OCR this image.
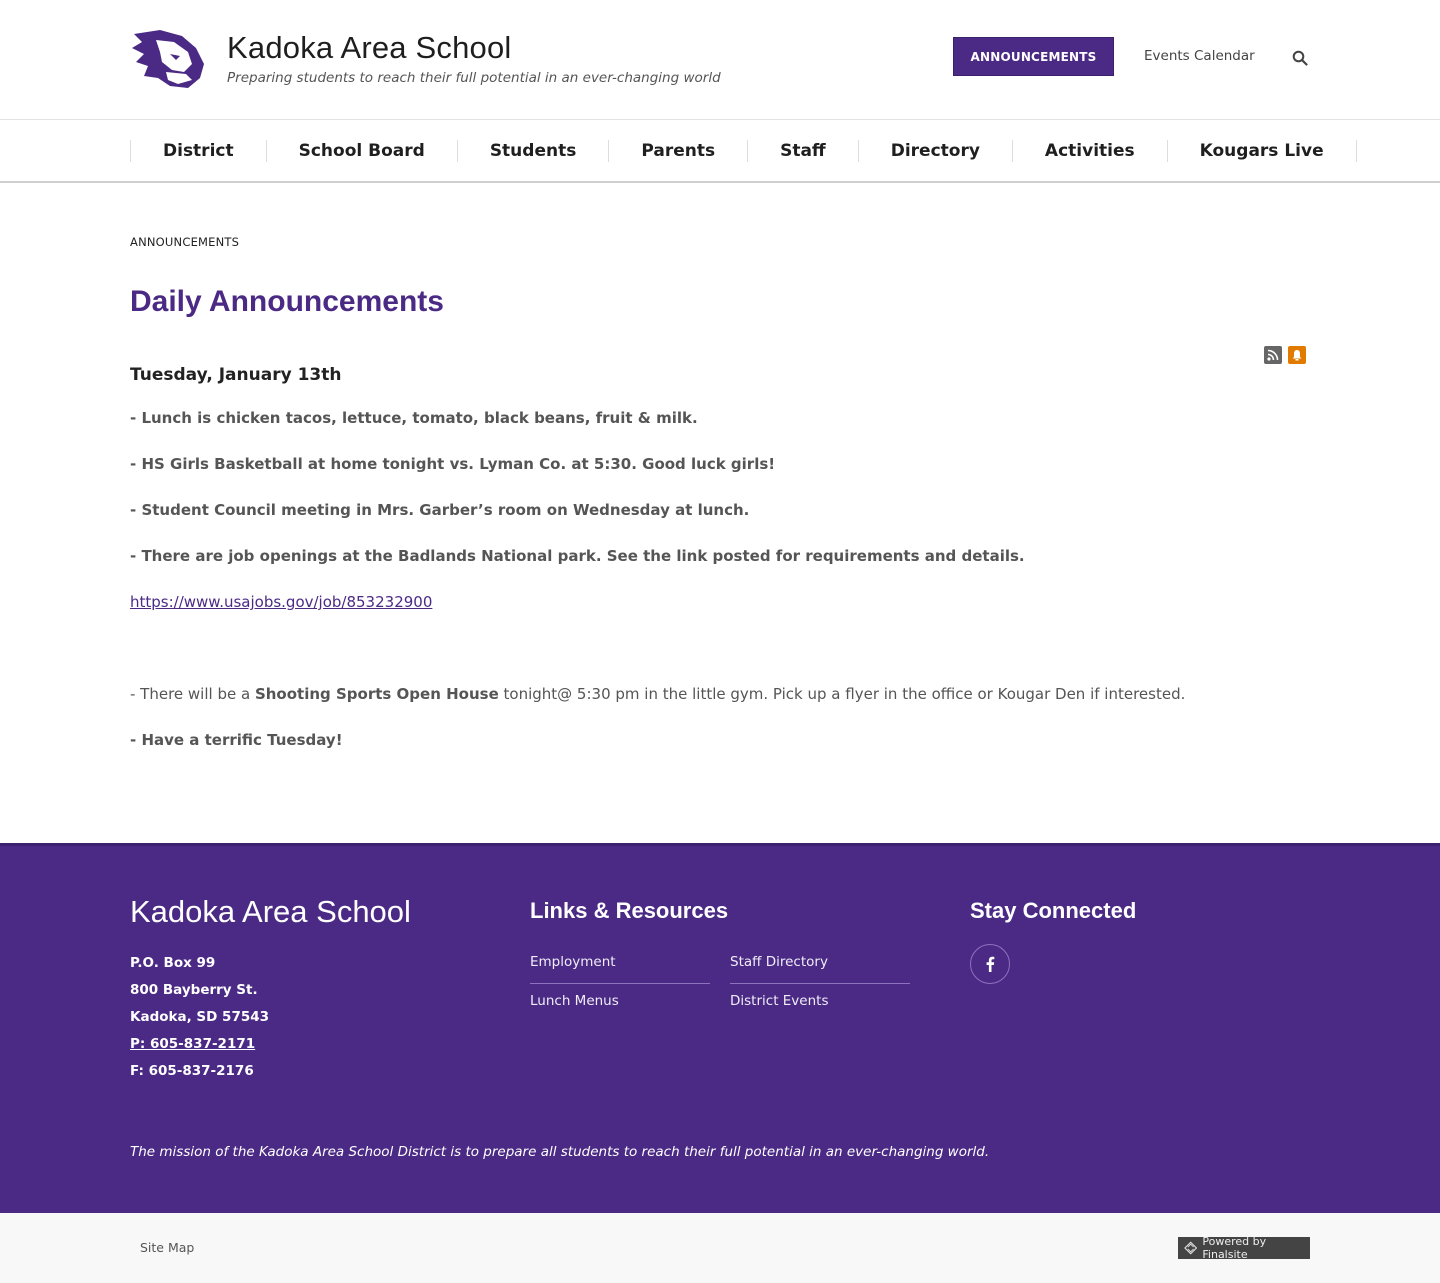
Kadoka Area School
Preparing students to reach their full potential in an ever-changing world
ANNOUNCEMENTS	Events Calendar
District	School Board	Students	Parents	Staff	Directory	Activities	Kougars Live
ANNOUNCEMENTS
Daily Announcements
Tuesday, January 13th
- Lunch is chicken tacos, lettuce, tomato, black beans, fruit & milk.
- HS Girls Basketball at home tonight vs. Lyman Co. at 5:30. Good luck girls!
- Student Council meeting in Mrs. Garber’s room on Wednesday at lunch.
- There are job openings at the Badlands National park. See the link posted for requirements and details.
https://www.usajobs.gov/job/853232900
- There will be a Shooting Sports Open House tonight@ 5:30 pm in the little gym. Pick up a flyer in the office or Kougar Den if interested.
- Have a terrific Tuesday!
Kadoka Area School
P.O. Box 99
800 Bayberry St.
Kadoka, SD 57543
P: 605-837-2171
F: 605-837-2176
Links & Resources
Employment	Staff Directory
Lunch Menus	District Events
Stay Connected
The mission of the Kadoka Area School District is to prepare all students to reach their full potential in an ever-changing world.
Site Map	Powered by Finalsite
